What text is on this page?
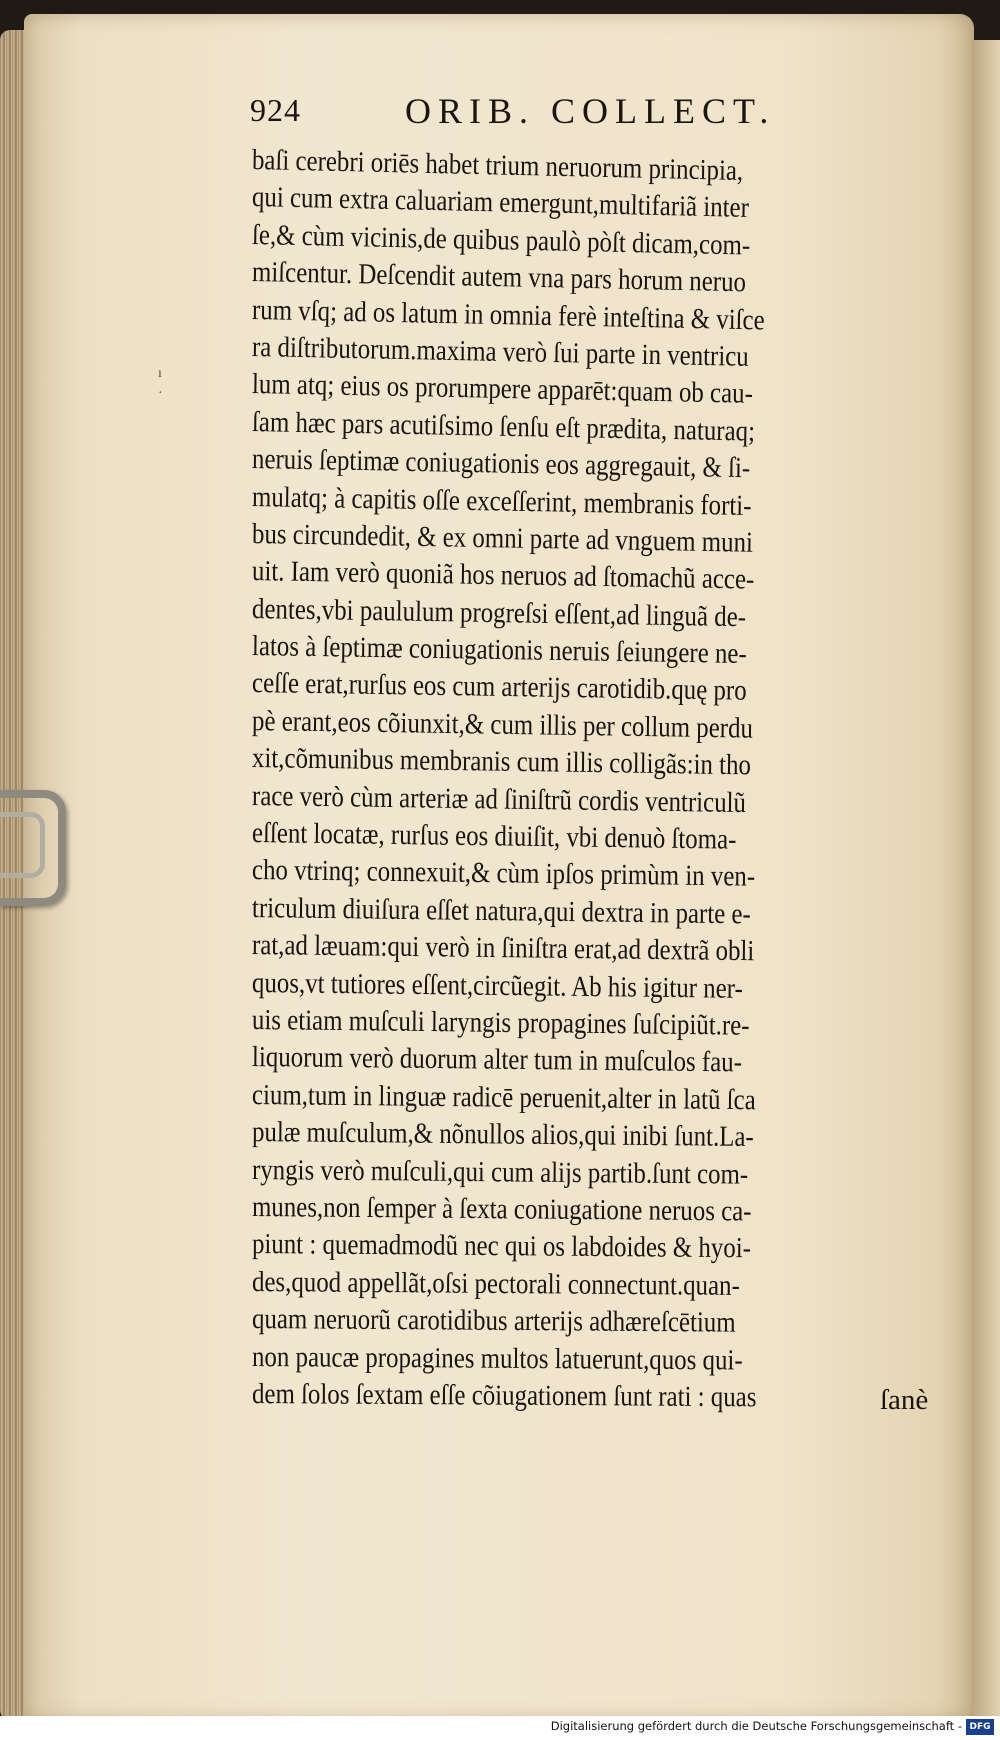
ı
·
924	ORIB. COLLECT.
baſi cerebri oriēs habet trium neruorum principia,
qui cum extra caluariam emergunt,multifariã inter
ſe,& cùm vicinis,de quibus paulò pòſt dicam,com-
miſcentur. Deſcendit autem vna pars horum neruo
rum vſq; ad os latum in omnia ferè inteſtina & viſce
ra diſtributorum.maxima verò ſui parte in ventricu
lum atq; eius os prorumpere apparēt:quam ob cau-
ſam hæc pars acutiſsimo ſenſu eſt prædita, naturaq;
neruis ſeptimæ coniugationis eos aggregauit, & ſi-
mulatq; à capitis oſſe exceſſerint, membranis forti-
bus circundedit, & ex omni parte ad vnguem muni
uit. Iam verò quoniã hos neruos ad ſtomachũ acce-
dentes,vbi paululum progreſsi eſſent,ad linguã de-
latos à ſeptimæ coniugationis neruis ſeiungere ne-
ceſſe erat,rurſus eos cum arterijs carotidib.quę pro
pè erant,eos cõiunxit,& cum illis per collum perdu
xit,cõmunibus membranis cum illis colligãs:in tho
race verò cùm arteriæ ad ſiniſtrũ cordis ventriculũ
eſſent locatæ, rurſus eos diuiſit, vbi denuò ſtoma-
cho vtrinq; connexuit,& cùm ipſos primùm in ven-
triculum diuiſura eſſet natura,qui dextra in parte e-
rat,ad læuam:qui verò in ſiniſtra erat,ad dextrã obli
quos,vt tutiores eſſent,circũegit. Ab his igitur ner-
uis etiam muſculi laryngis propagines ſuſcipiũt.re-
liquorum verò duorum alter tum in muſculos fau-
cium,tum in linguæ radicē peruenit,alter in latũ ſca
pulæ muſculum,& nõnullos alios,qui inibi ſunt.La-
ryngis verò muſculi,qui cum alijs partib.ſunt com-
munes,non ſemper à ſexta coniugatione neruos ca-
piunt : quemadmodũ nec qui os labdoides & hyoi-
des,quod appellãt,oſsi pectorali connectunt.quan-
quam neruorũ carotidibus arterijs adhæreſcētium
non paucæ propagines multos latuerunt,quos qui-
dem ſolos ſextam eſſe cõiugationem ſunt rati : quas	ſanè
Digitalisierung gefördert durch die Deutsche Forschungsgemeinschaft - DFG
